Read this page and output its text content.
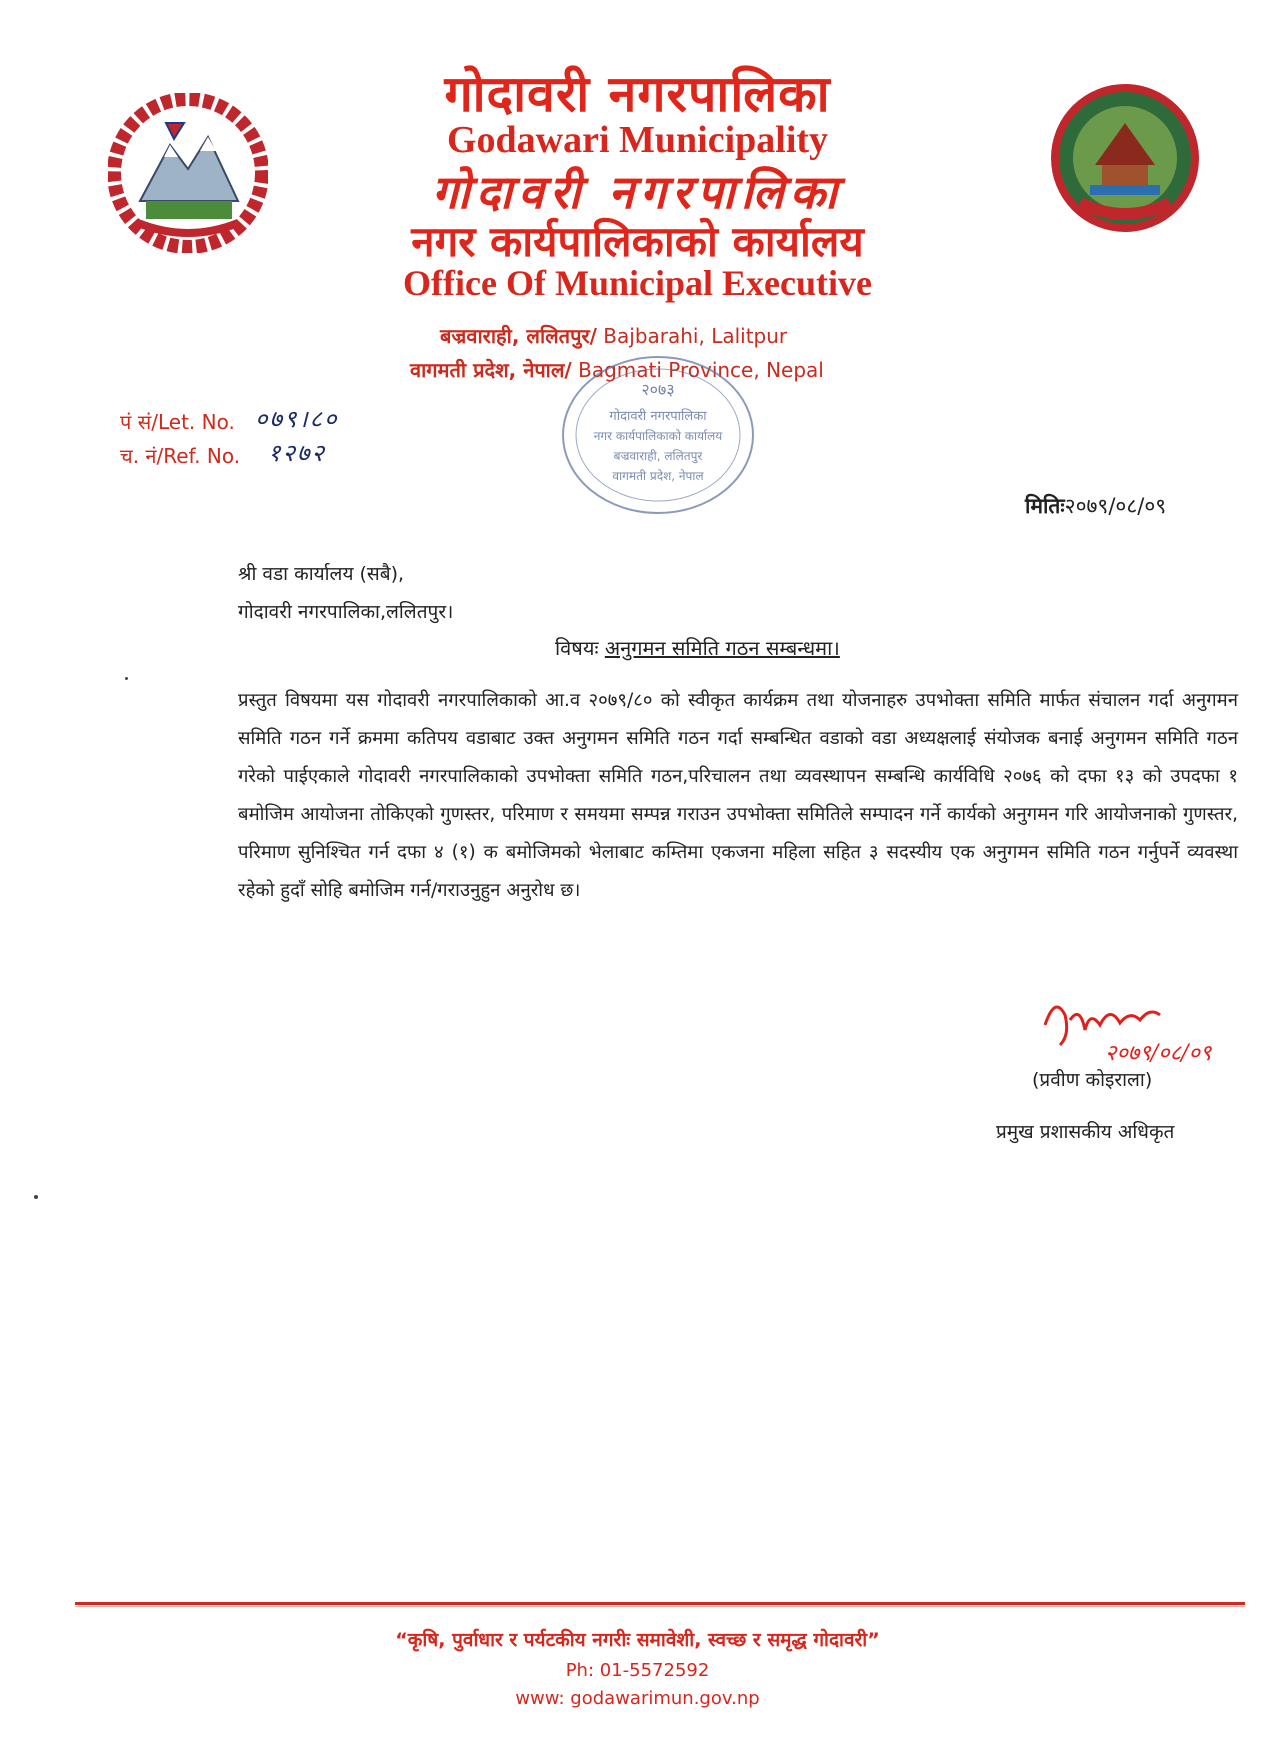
गोदावरी नगरपालिका
Godawari Municipality
गोदावरी नगरपालिका
नगर कार्यपालिकाको कार्यालय
Office Of Municipal Executive
बज्रवाराही, ललितपुर/ Bajbarahi, Lalitpur
वागमती प्रदेश, नेपाल/ Bagmati Province, Nepal
२०७३
गोदावरी नगरपालिका
नगर कार्यपालिकाको कार्यालय
बज्रवाराही, ललितपुर
वागमती प्रदेश, नेपाल
पं सं/Let. No. ०७९।८०
च. नं/Ref. No. १२७२
मितिः२०७९/०८/०९
श्री वडा कार्यालय (सबै),
गोदावरी नगरपालिका,ललितपुर।
विषयः अनुगमन समिति गठन सम्बन्धमा।
प्रस्तुत विषयमा यस गोदावरी नगरपालिकाको आ.व २०७९/८० को स्वीकृत कार्यक्रम तथा योजनाहरु उपभोक्ता समिति मार्फत संचालन गर्दा अनुगमन समिति गठन गर्ने क्रममा कतिपय वडाबाट उक्त अनुगमन समिति गठन गर्दा सम्बन्धित वडाको वडा अध्यक्षलाई संयोजक बनाई अनुगमन समिति गठन गरेको पाईएकाले गोदावरी नगरपालिकाको उपभोक्ता समिति गठन,परिचालन तथा व्यवस्थापन सम्बन्धि कार्यविधि २०७६ को दफा १३ को उपदफा १ बमोजिम आयोजना तोकिएको गुणस्तर, परिमाण र समयमा सम्पन्न गराउन उपभोक्ता समितिले सम्पादन गर्ने कार्यको अनुगमन गरि आयोजनाको गुणस्तर, परिमाण सुनिश्चित गर्न दफा ४ (१) क बमोजिमको भेलाबाट कम्तिमा एकजना महिला सहित ३ सदस्यीय एक अनुगमन समिति गठन गर्नुपर्ने व्यवस्था रहेको हुदाँ सोहि बमोजिम गर्न/गराउनुहुन अनुरोध छ।
२०७९/०८/०९
(प्रवीण कोइराला)
प्रमुख प्रशासकीय अधिकृत
“कृषि, पुर्वाधार र पर्यटकीय नगरीः समावेशी, स्वच्छ र समृद्ध गोदावरी”
Ph: 01-5572592
www: godawarimun.gov.np
